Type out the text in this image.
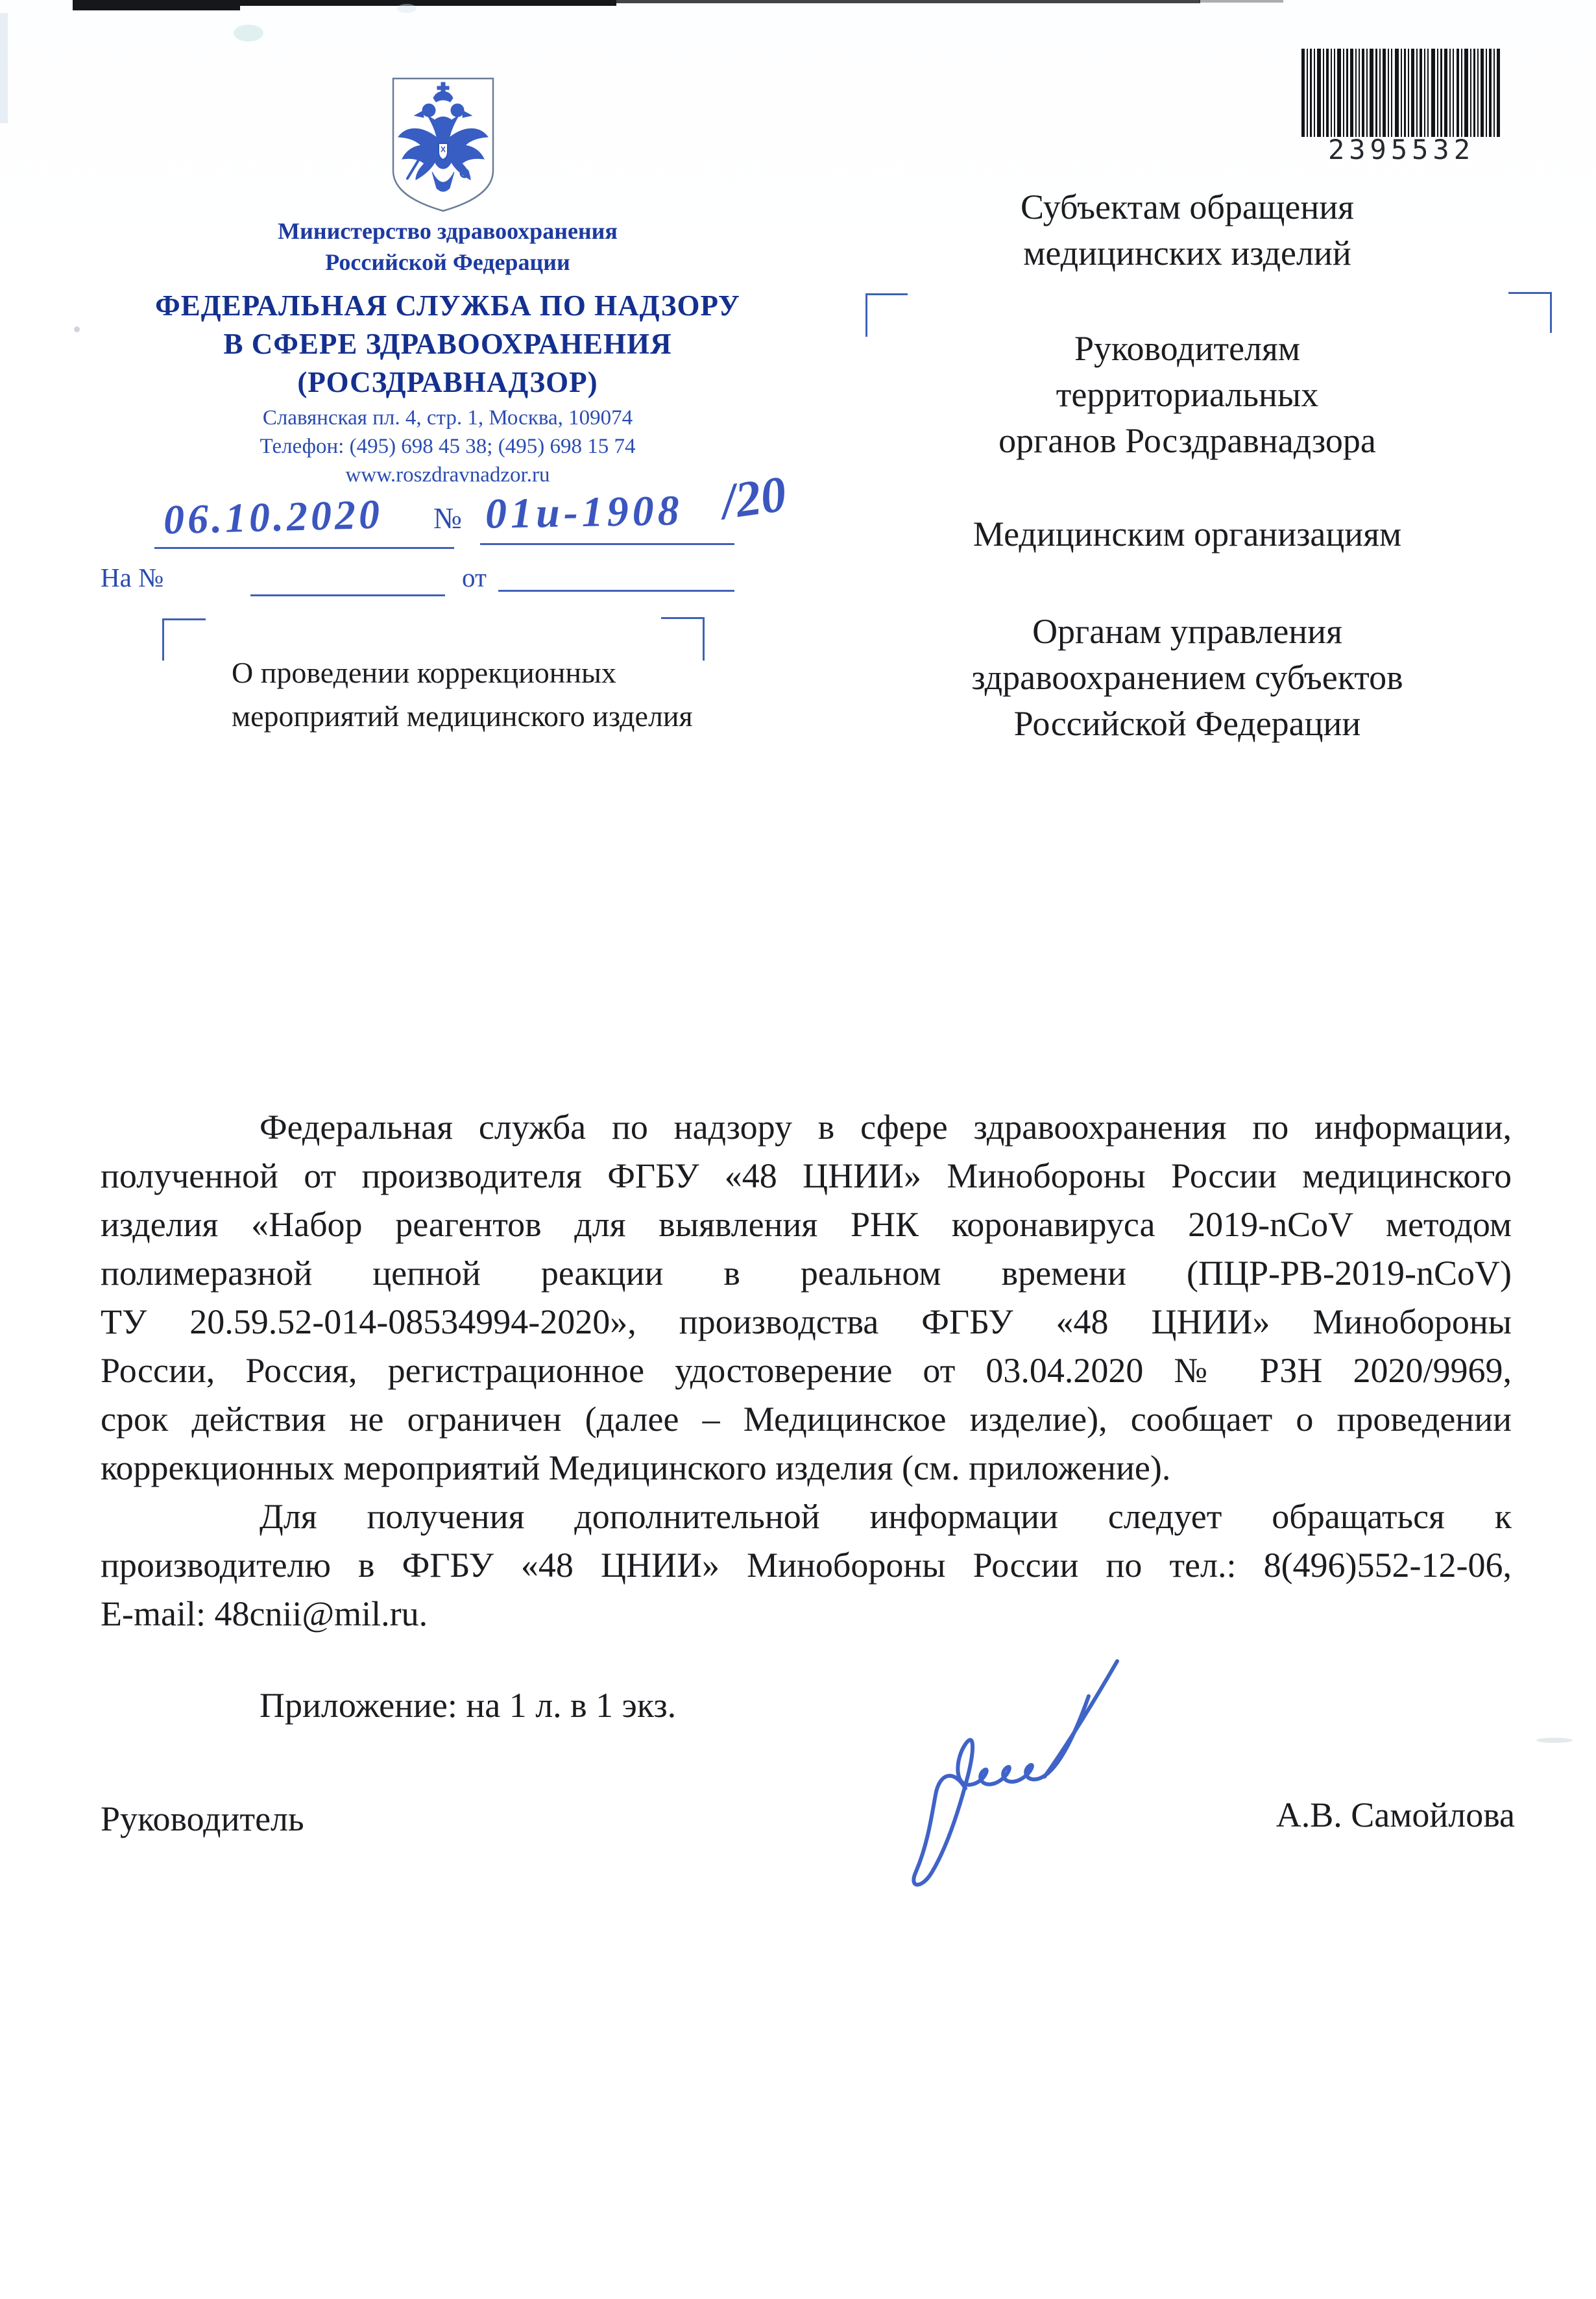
2395532
Министерство здравоохранения
Российской Федерации
ФЕДЕРАЛЬНАЯ СЛУЖБА ПО НАДЗОРУ
В СФЕРЕ ЗДРАВООХРАНЕНИЯ
(РОСЗДРАВНАДЗОР)
Славянская пл. 4, стр. 1, Москва, 109074
Телефон: (495) 698 45 38; (495) 698 15 74
www.roszdravnadzor.ru
06.10.2020 № 01и-1908 /20
На №	от
О проведении коррекционных
мероприятий медицинского изделия
Субъектам обращения
медицинских изделий
Руководителям
территориальных
органов Росздравнадзора
Медицинским организациям
Органам управления
здравоохранением субъектов
Российской Федерации
Федеральная служба по надзору в сфере здравоохранения по информации,
полученной от производителя ФГБУ «48 ЦНИИ» Минобороны России медицинского
изделия «Набор реагентов для выявления РНК коронавируса 2019-nCoV методом
полимеразной цепной реакции в реальном времени (ПЦР-РВ-2019-nCoV)
ТУ 20.59.52-014-08534994-2020», производства ФГБУ «48 ЦНИИ» Минобороны
России, Россия, регистрационное удостоверение от 03.04.2020 № РЗН 2020/9969,
срок действия не ограничен (далее – Медицинское изделие), сообщает о проведении
коррекционных мероприятий Медицинского изделия (см. приложение).
Для получения дополнительной информации следует обращаться к
производителю в ФГБУ «48 ЦНИИ» Минобороны России по тел.: 8(496)552-12-06,
E-mail: 48cnii@mil.ru.
Приложение: на 1 л. в 1 экз.
Руководитель	А.В. Самойлова
